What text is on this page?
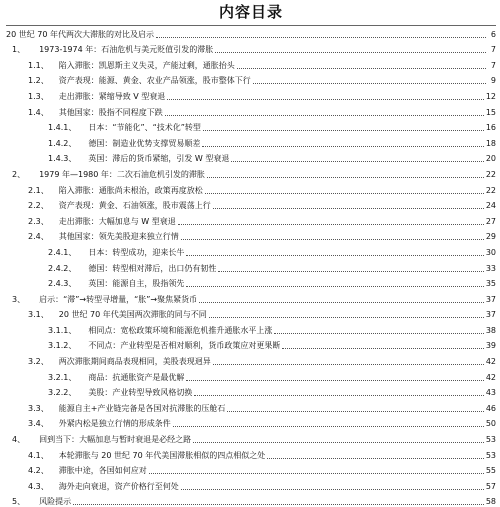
内容目录
20 世纪 70 年代两次大滞胀的对比及启示	6
1、 1973-1974 年：石油危机与美元贬值引发的滞胀	7
1.1、 陷入滞胀：凯恩斯主义失灵，产能过剩，通胀抬头	7
1.2、 资产表现：能源、黄金、农业产品领涨，股市整体下行	9
1.3、 走出滞胀：紧缩导致 V 型衰退	12
1.4、 其他国家：股指不同程度下跌	15
1.4.1、 日本：“节能化”、“技术化”转型	16
1.4.2、 德国：制造业优势支撑贸易顺差	18
1.4.3、 英国：滞后的货币紧缩，引发 W 型衰退	20
2、 1979 年—1980 年：二次石油危机引发的滞胀	22
2.1、 陷入滞胀：通胀尚未根治，政策再度放松	22
2.2、 资产表现：黄金、石油领涨，股市震荡上行	24
2.3、 走出滞胀：大幅加息与 W 型衰退	27
2.4、 其他国家：领先美股迎来独立行情	29
2.4.1、 日本：转型成功，迎来长牛	30
2.4.2、 德国：转型相对滞后，出口仍有韧性	33
2.4.3、 英国：能源自主，股指领先	35
3、 启示：“滞”→转型寻增量，“胀”→聚焦紧货币	37
3.1、 20 世纪 70 年代美国两次滞胀的同与不同	37
3.1.1、 相同点：宽松政策环境和能源危机推升通胀水平上涨	38
3.1.2、 不同点：产业转型是否相对顺利，货币政策应对更果断	39
3.2、 两次滞胀期间商品表现相同，美股表现迥异	42
3.2.1、 商品：抗通胀资产是最优解	42
3.2.2、 美股：产业转型导致风格切换	43
3.3、 能源自主+产业链完备是各国对抗滞胀的压舱石	46
3.4、 外紧内松是独立行情的形成条件	50
4、 回到当下：大幅加息与暂时衰退是必经之路	53
4.1、 本轮滞胀与 20 世纪 70 年代美国滞胀相似的四点相似之处	53
4.2、 滞胀中途，各国如何应对	55
4.3、 海外走向衰退，资产价格行至何处	57
5、 风险提示	58
